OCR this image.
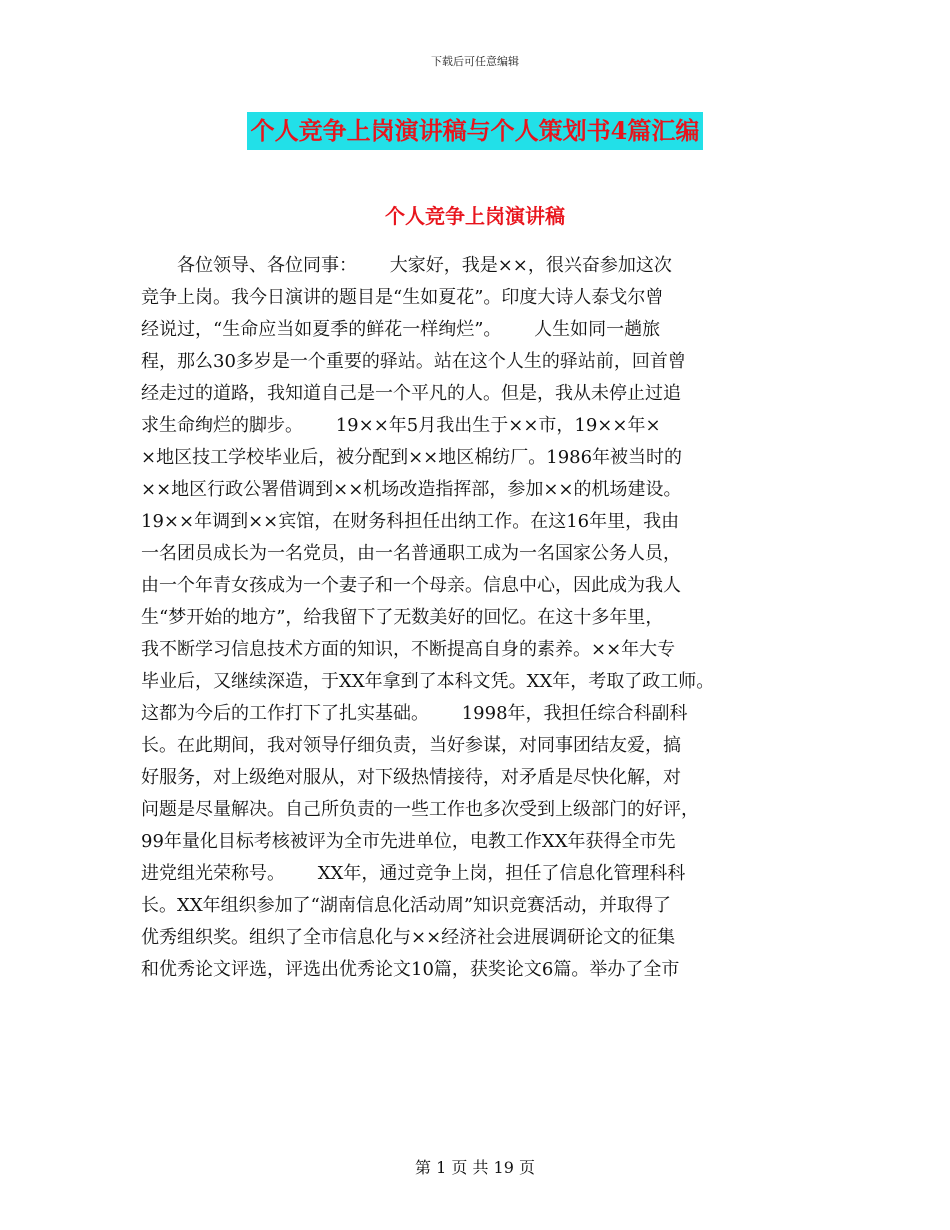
下载后可任意编辑
个人竞争上岗演讲稿与个人策划书4篇汇编
个人竞争上岗演讲稿
　　各位领导、各位同事：　　 大家好，我是××，很兴奋参加这次
竞争上岗。我今日演讲的题目是“生如夏花”。印度大诗人泰戈尔曾
经说过，“生命应当如夏季的鲜花一样绚烂”。　　 人生如同一趟旅
程，那么30多岁是一个重要的驿站。站在这个人生的驿站前，回首曾
经走过的道路，我知道自己是一个平凡的人。但是，我从未停止过追
求生命绚烂的脚步。　　 19××年5月我出生于××市，19××年×
×地区技工学校毕业后，被分配到××地区棉纺厂。1986年被当时的
××地区行政公署借调到××机场改造指挥部，参加××的机场建设。
19××年调到××宾馆，在财务科担任出纳工作。在这16年里，我由
一名团员成长为一名党员，由一名普通职工成为一名国家公务人员，
由一个年青女孩成为一个妻子和一个母亲。信息中心，因此成为我人
生“梦开始的地方”，给我留下了无数美好的回忆。在这十多年里，
我不断学习信息技术方面的知识，不断提高自身的素养。××年大专
毕业后，又继续深造，于XX年拿到了本科文凭。XX年，考取了政工师。
这都为今后的工作打下了扎实基础。　　 1998年，我担任综合科副科
长。在此期间，我对领导仔细负责，当好参谋，对同事团结友爱，搞
好服务，对上级绝对服从，对下级热情接待，对矛盾是尽快化解，对
问题是尽量解决。自己所负责的一些工作也多次受到上级部门的好评，
99年量化目标考核被评为全市先进单位，电教工作XX年获得全市先
进党组光荣称号。　　 XX年，通过竞争上岗，担任了信息化管理科科
长。XX年组织参加了“湖南信息化活动周”知识竞赛活动，并取得了
优秀组织奖。组织了全市信息化与××经济社会进展调研论文的征集
和优秀论文评选，评选出优秀论文10篇，获奖论文6篇。举办了全市
第 1 页 共 19 页
